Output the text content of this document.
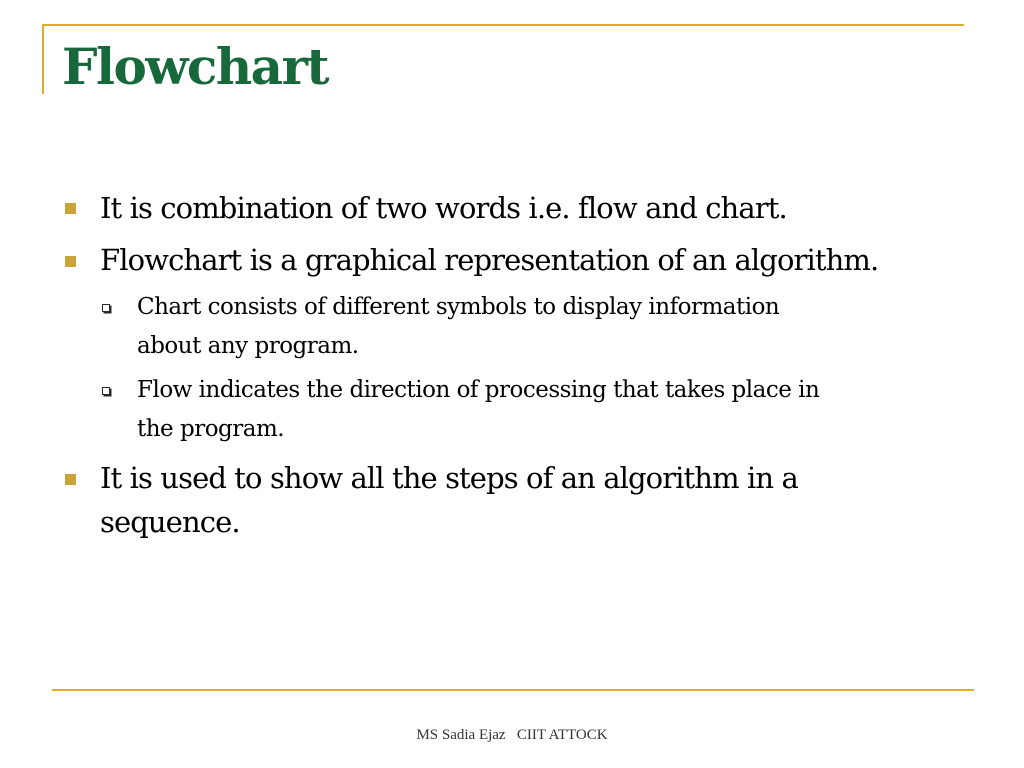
Flowchart
It is combination of two words i.e. flow and chart.
Flowchart is a graphical representation of an algorithm.
Chart consists of different symbols to display information
about any program.
Flow indicates the direction of processing that takes place in
the program.
It is used to show all the steps of an algorithm in a
sequence.
MS Sadia Ejaz CIIT ATTOCK
